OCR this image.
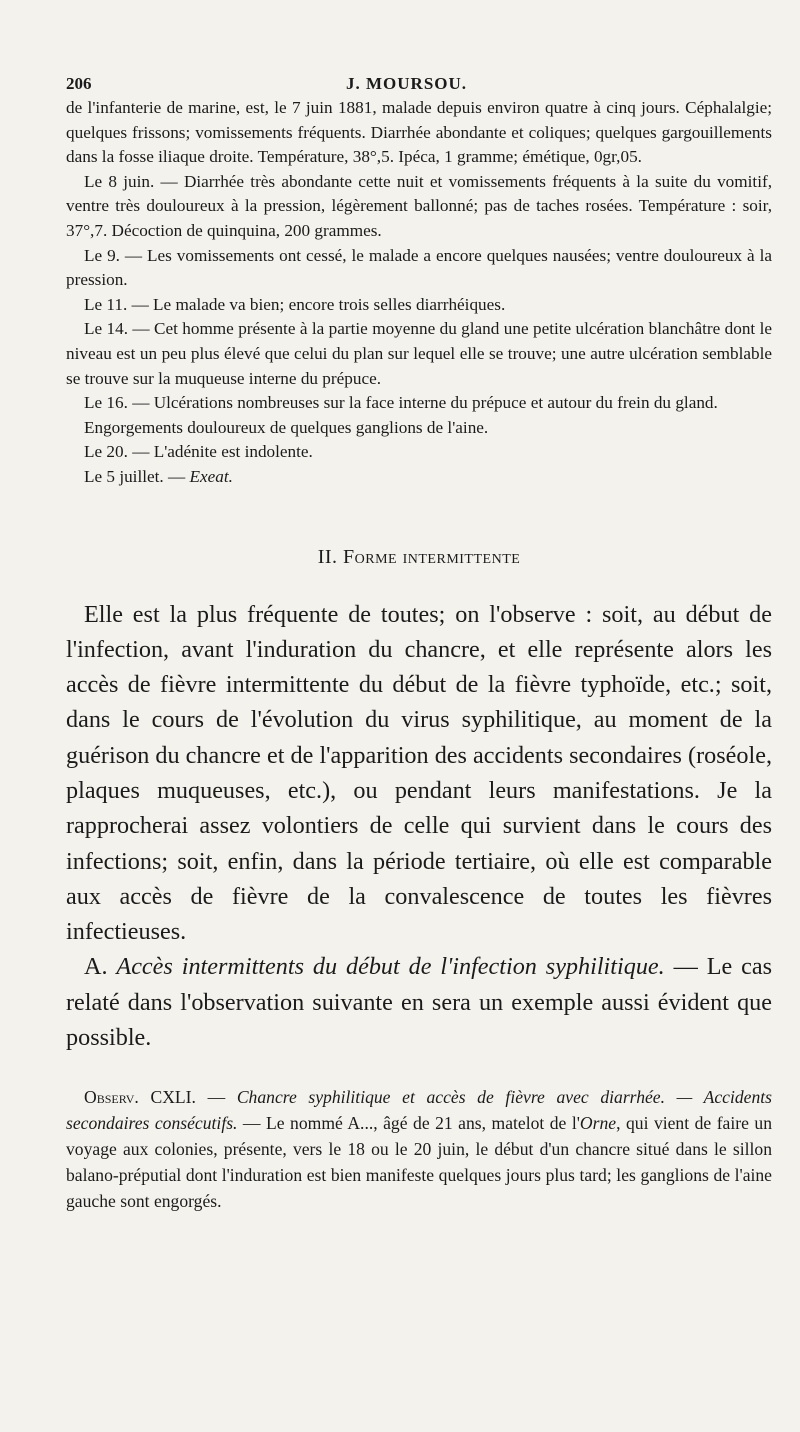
206	J. MOURSOU.

de l'infanterie de marine, est, le 7 juin 1881, malade depuis environ quatre à cinq jours. Céphalalgie; quelques frissons; vomissements fréquents. Diarrhée abondante et coliques; quelques gargouillements dans la fosse iliaque droite. Température, 38°,5. Ipéca, 1 gramme; émétique, 0gr,05.

Le 8 juin. — Diarrhée très abondante cette nuit et vomissements fréquents à la suite du vomitif, ventre très douloureux à la pression, légèrement ballonné; pas de taches rosées. Température : soir, 37°,7. Décoction de quinquina, 200 grammes.

Le 9. — Les vomissements ont cessé, le malade a encore quelques nausées; ventre douloureux à la pression.

Le 11. — Le malade va bien; encore trois selles diarrhéiques.

Le 14. — Cet homme présente à la partie moyenne du gland une petite ulcération blanchâtre dont le niveau est un peu plus élevé que celui du plan sur lequel elle se trouve; une autre ulcération semblable se trouve sur la muqueuse interne du prépuce.

Le 16. — Ulcérations nombreuses sur la face interne du prépuce et autour du frein du gland.

Engorgements douloureux de quelques ganglions de l'aine.

Le 20. — L'adénite est indolente.

Le 5 juillet. — Exeat.

II. Forme intermittente

Elle est la plus fréquente de toutes; on l'observe : soit, au début de l'infection, avant l'induration du chancre, et elle représente alors les accès de fièvre intermittente du début de la fièvre typhoïde, etc.; soit, dans le cours de l'évolution du virus syphilitique, au moment de la guérison du chancre et de l'apparition des accidents secondaires (roséole, plaques muqueuses, etc.), ou pendant leurs manifestations. Je la rapprocherai assez volontiers de celle qui survient dans le cours des infections; soit, enfin, dans la période tertiaire, où elle est comparable aux accès de fièvre de la convalescence de toutes les fièvres infectieuses.

A. Accès intermittents du début de l'infection syphilitique. — Le cas relaté dans l'observation suivante en sera un exemple aussi évident que possible.

Observ. CXLI. — Chancre syphilitique et accès de fièvre avec diarrhée. — Accidents secondaires consécutifs. — Le nommé A..., âgé de 21 ans, matelot de l'Orne, qui vient de faire un voyage aux colonies, présente, vers le 18 ou le 20 juin, le début d'un chancre situé dans le sillon balano-préputial dont l'induration est bien manifeste quelques jours plus tard; les ganglions de l'aine gauche sont engorgés.
